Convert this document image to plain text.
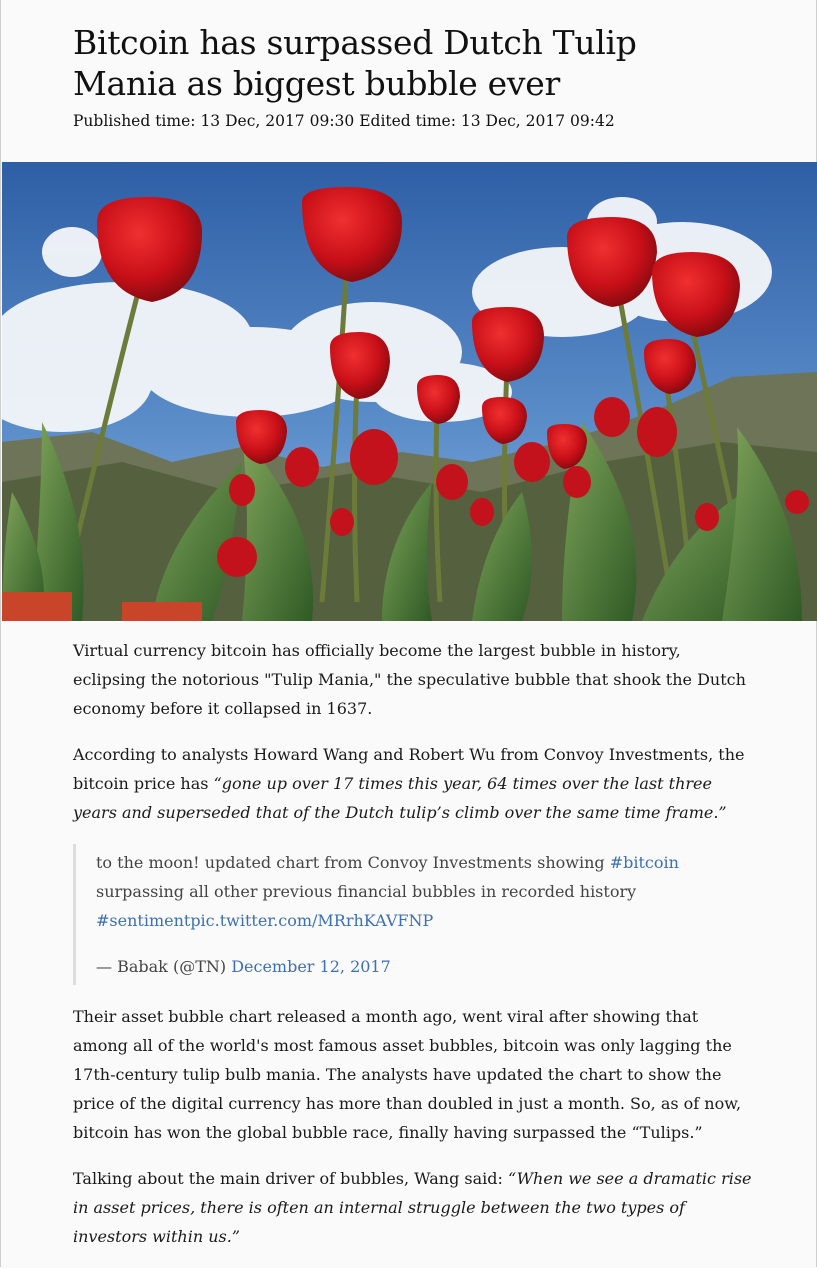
Bitcoin has surpassed Dutch Tulip Mania as biggest bubble ever
Published time: 13 Dec, 2017 09:30 Edited time: 13 Dec, 2017 09:42

Virtual currency bitcoin has officially become the largest bubble in history, eclipsing the notorious "Tulip Mania," the speculative bubble that shook the Dutch economy before it collapsed in 1637.

According to analysts Howard Wang and Robert Wu from Convoy Investments, the bitcoin price has “gone up over 17 times this year, 64 times over the last three years and superseded that of the Dutch tulip’s climb over the same time frame.”

to the moon! updated chart from Convoy Investments showing #bitcoin surpassing all other previous financial bubbles in recorded history #sentimentpic.twitter.com/MRrhKAVFNP

— Babak (@TN) December 12, 2017

Their asset bubble chart released a month ago, went viral after showing that among all of the world's most famous asset bubbles, bitcoin was only lagging the 17th-century tulip bulb mania. The analysts have updated the chart to show the price of the digital currency has more than doubled in just a month. So, as of now, bitcoin has won the global bubble race, finally having surpassed the “Tulips.”

Talking about the main driver of bubbles, Wang said: “When we see a dramatic rise in asset prices, there is often an internal struggle between the two types of investors within us.”
